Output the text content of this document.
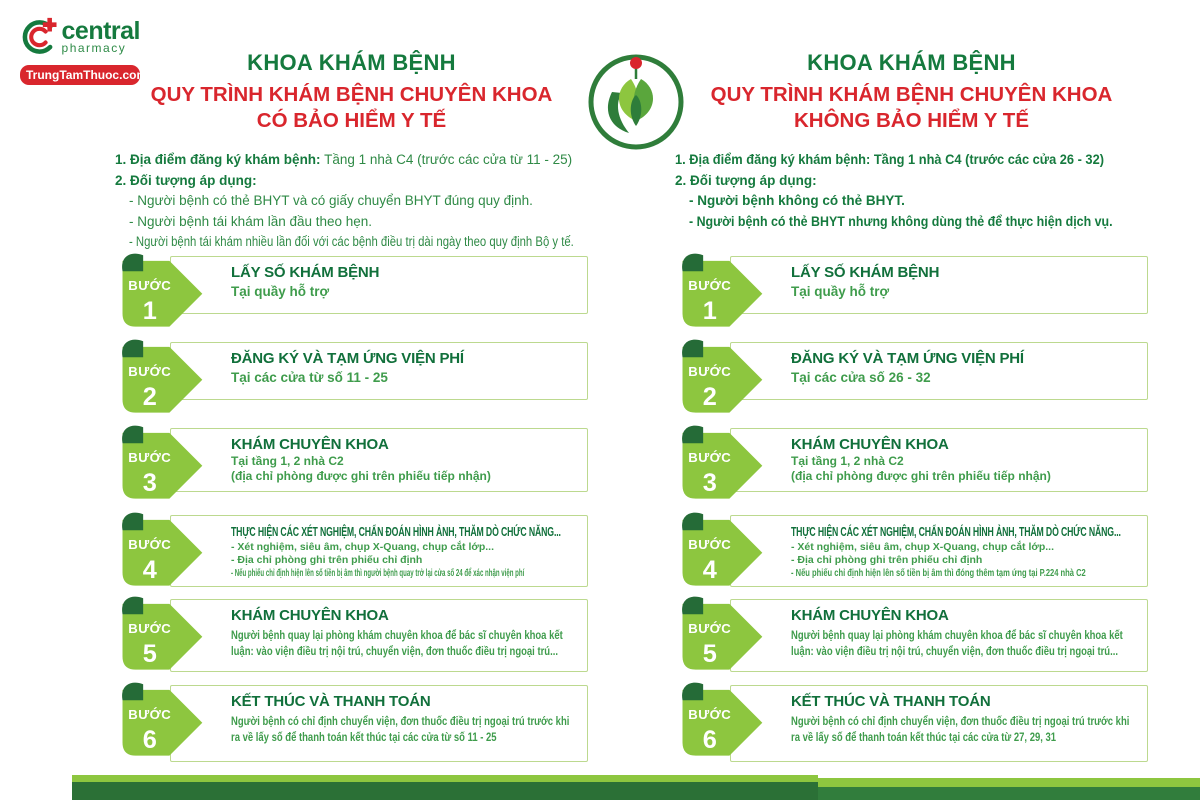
central
pharmacy
TrungTamThuoc.com	KHOA KHÁM BỆNH
QUY TRÌNH KHÁM BỆNH CHUYÊN KHOA
CÓ BẢO HIỂM Y TẾ
1. Địa điểm đăng ký khám bệnh: Tầng 1 nhà C4 (trước các cửa từ 11 - 25)
2. Đối tượng áp dụng:
- Người bệnh có thẻ BHYT và có giấy chuyển BHYT đúng quy định.
- Người bệnh tái khám lần đầu theo hẹn.
- Người bệnh tái khám nhiều lần đối với các bệnh điều trị dài ngày theo quy định Bộ y tế.
BƯỚC
1
LẤY SỐ KHÁM BỆNH
Tại quầy hỗ trợ
BƯỚC
2
ĐĂNG KÝ VÀ TẠM ỨNG VIỆN PHÍ
Tại các cửa từ số 11 - 25
BƯỚC
3
KHÁM CHUYÊN KHOA
Tại tầng 1, 2 nhà C2
(địa chỉ phòng được ghi trên phiếu tiếp nhận)
BƯỚC
4
THỰC HIỆN CÁC XÉT NGHIỆM, CHẨN ĐOÁN HÌNH ẢNH, THĂM DÒ CHỨC NĂNG...
- Xét nghiệm, siêu âm, chụp X-Quang, chụp cắt lớp...
- Địa chỉ phòng ghi trên phiếu chỉ định
- Nếu phiếu chỉ định hiện lên số tiền bị âm thì người bệnh quay trở lại cửa số 24 để xác nhận viện phí
BƯỚC
5
KHÁM CHUYÊN KHOA
Người bệnh quay lại phòng khám chuyên khoa để bác sĩ chuyên khoa kết luận: vào viện điều trị nội trú, chuyển viện, đơn thuốc điều trị ngoại trú...
BƯỚC
6
KẾT THÚC VÀ THANH TOÁN
Người bệnh có chỉ định chuyển viện, đơn thuốc điều trị ngoại trú trước khi ra về lấy số để thanh toán kết thúc tại các cửa từ số 11 - 25
KHOA KHÁM BỆNH
QUY TRÌNH KHÁM BỆNH CHUYÊN KHOA
KHÔNG BẢO HIỂM Y TẾ
1. Địa điểm đăng ký khám bệnh: Tầng 1 nhà C4 (trước các cửa 26 - 32)
2. Đối tượng áp dụng:
- Người bệnh không có thẻ BHYT.
- Người bệnh có thẻ BHYT nhưng không dùng thẻ để thực hiện dịch vụ.
BƯỚC
1
LẤY SỐ KHÁM BỆNH
Tại quầy hỗ trợ
BƯỚC
2
ĐĂNG KÝ VÀ TẠM ỨNG VIỆN PHÍ
Tại các cửa số 26 - 32
BƯỚC
3
KHÁM CHUYÊN KHOA
Tại tầng 1, 2 nhà C2
(địa chỉ phòng được ghi trên phiếu tiếp nhận)
BƯỚC
4
THỰC HIỆN CÁC XÉT NGHIỆM, CHẨN ĐOÁN HÌNH ẢNH, THĂM DÒ CHỨC NĂNG...
- Xét nghiệm, siêu âm, chụp X-Quang, chụp cắt lớp...
- Địa chỉ phòng ghi trên phiếu chỉ định
- Nếu phiếu chỉ định hiện lên số tiền bị âm thì đóng thêm tạm ứng tại P.224 nhà C2
BƯỚC
5
KHÁM CHUYÊN KHOA
Người bệnh quay lại phòng khám chuyên khoa để bác sĩ chuyên khoa kết luận: vào viện điều trị nội trú, chuyển viện, đơn thuốc điều trị ngoại trú...
BƯỚC
6
KẾT THÚC VÀ THANH TOÁN
Người bệnh có chỉ định chuyển viện, đơn thuốc điều trị ngoại trú trước khi ra về lấy số để thanh toán kết thúc tại các cửa từ 27, 29, 31
